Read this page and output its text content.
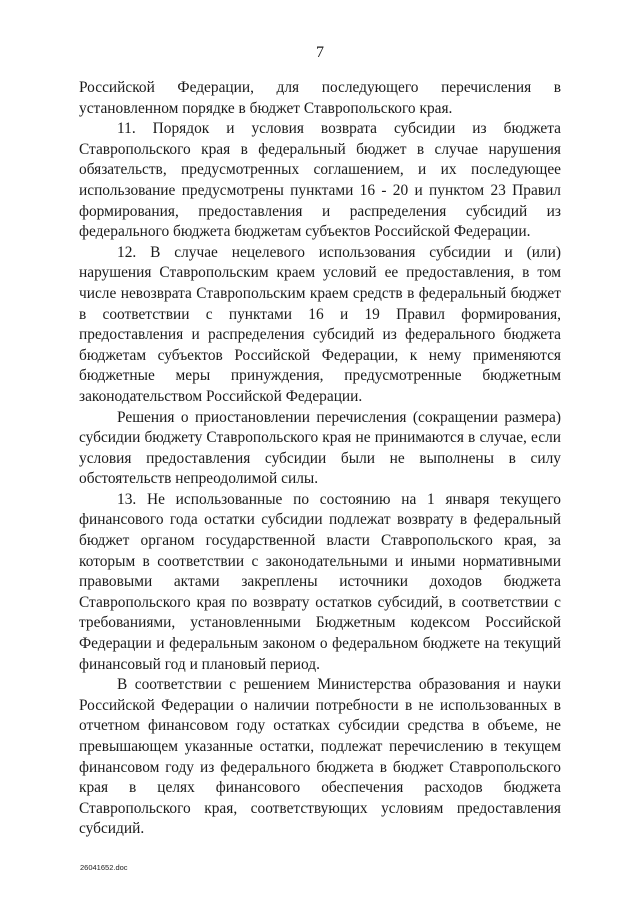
7

Российской Федерации, для последующего перечисления в установленном порядке в бюджет Ставропольского края.

11. Порядок и условия возврата субсидии из бюджета Ставропольского края в федеральный бюджет в случае нарушения обязательств, предусмотренных соглашением, и их последующее использование предусмотрены пунктами 16 - 20 и пунктом 23 Правил формирования, предоставления и распределения субсидий из федерального бюджета бюджетам субъектов Российской Федерации.

12. В случае нецелевого использования субсидии и (или) нарушения Ставропольским краем условий ее предоставления, в том числе невозврата Ставропольским краем средств в федеральный бюджет в соответствии с пунктами 16 и 19 Правил формирования, предоставления и распределения субсидий из федерального бюджета бюджетам субъектов Российской Федерации, к нему применяются бюджетные меры принуждения, предусмотренные бюджетным законодательством Российской Федерации.

Решения о приостановлении перечисления (сокращении размера) субсидии бюджету Ставропольского края не принимаются в случае, если условия предоставления субсидии были не выполнены в силу обстоятельств непреодолимой силы.

13. Не использованные по состоянию на 1 января текущего финансового года остатки субсидии подлежат возврату в федеральный бюджет органом государственной власти Ставропольского края, за которым в соответствии с законодательными и иными нормативными правовыми актами закреплены источники доходов бюджета Ставропольского края по возврату остатков субсидий, в соответствии с требованиями, установленными Бюджетным кодексом Российской Федерации и федеральным законом о федеральном бюджете на текущий финансовый год и плановый период.

В соответствии с решением Министерства образования и науки Российской Федерации о наличии потребности в не использованных в отчетном финансовом году остатках субсидии средства в объеме, не превышающем указанные остатки, подлежат перечислению в текущем финансовом году из федерального бюджета в бюджет Ставропольского края в целях финансового обеспечения расходов бюджета Ставропольского края, соответствующих условиям предоставления субсидий.

26041652.doc
